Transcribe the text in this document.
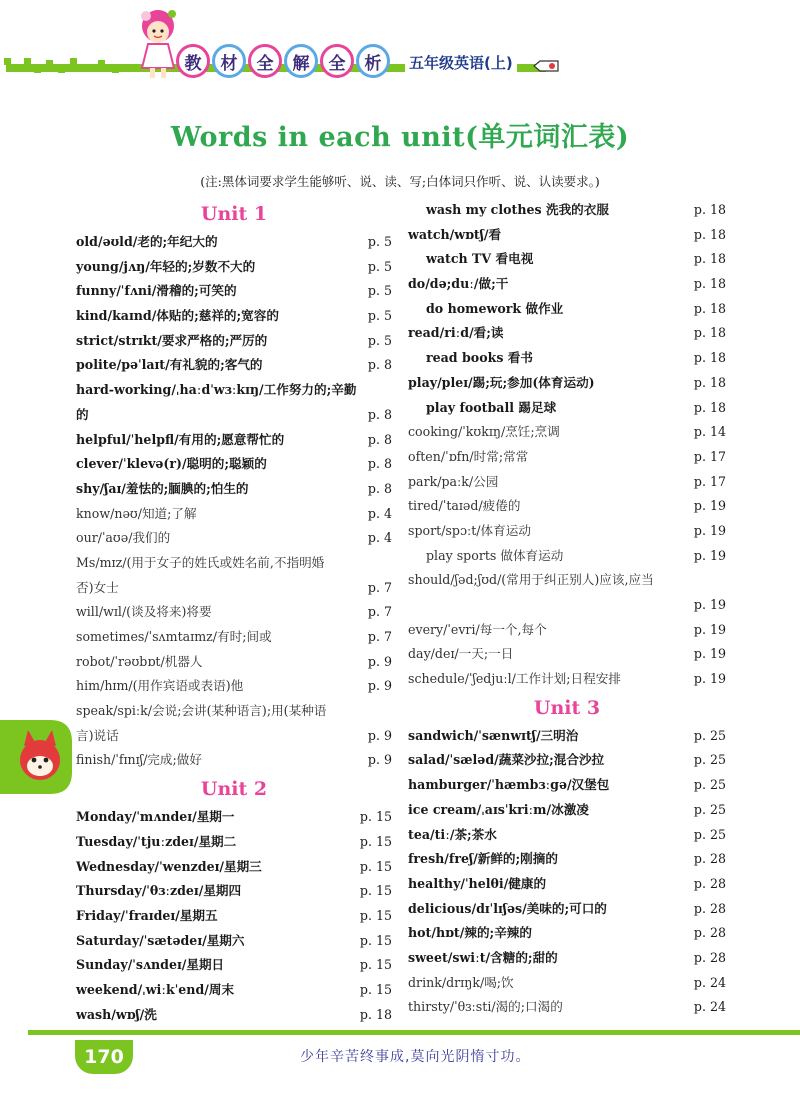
教	材	全	解	全	析	五年级英语(上)
Words in each unit(单元词汇表)
(注:黑体词要求学生能够听、说、读、写;白体词只作听、说、认读要求。)
Unit 1
old/əʊld/老的;年纪大的	p. 5
young/jʌŋ/年轻的;岁数不大的	p. 5
funny/ˈfʌni/滑稽的;可笑的	p. 5
kind/kaɪnd/体贴的;慈祥的;宽容的	p. 5
strict/strɪkt/要求严格的;严厉的	p. 5
polite/pəˈlaɪt/有礼貌的;客气的	p. 8
hard-working/ˌhaːdˈwɜːkɪŋ/工作努力的;辛勤
的	p. 8
helpful/ˈhelpfl/有用的;愿意帮忙的	p. 8
clever/ˈklevə(r)/聪明的;聪颖的	p. 8
shy/ʃaɪ/羞怯的;腼腆的;怕生的	p. 8
know/nəʊ/知道;了解	p. 4
our/ˈaʊə/我们的	p. 4
Ms/mɪz/(用于女子的姓氏或姓名前,不指明婚
否)女士	p. 7
will/wɪl/(谈及将来)将要	p. 7
sometimes/ˈsʌmtaɪmz/有时;间或	p. 7
robot/ˈrəʊbɒt/机器人	p. 9
him/hɪm/(用作宾语或表语)他	p. 9
speak/spiːk/会说;会讲(某种语言);用(某种语
言)说话	p. 9
finish/ˈfɪnɪʃ/完成;做好	p. 9
Unit 2
Monday/ˈmʌndeɪ/星期一	p. 15
Tuesday/ˈtjuːzdeɪ/星期二	p. 15
Wednesday/ˈwenzdeɪ/星期三	p. 15
Thursday/ˈθɜːzdeɪ/星期四	p. 15
Friday/ˈfraɪdeɪ/星期五	p. 15
Saturday/ˈsætədeɪ/星期六	p. 15
Sunday/ˈsʌndeɪ/星期日	p. 15
weekend/ˌwiːkˈend/周末	p. 15
wash/wɒʃ/洗	p. 18
wash my clothes 洗我的衣服	p. 18
watch/wɒtʃ/看	p. 18
watch TV 看电视	p. 18
do/də;duː/做;干	p. 18
do homework 做作业	p. 18
read/riːd/看;读	p. 18
read books 看书	p. 18
play/pleɪ/踢;玩;参加(体育运动)	p. 18
play football 踢足球	p. 18
cooking/ˈkʊkɪŋ/烹饪;烹调	p. 14
often/ˈɒfn/时常;常常	p. 17
park/paːk/公园	p. 17
tired/ˈtaɪəd/疲倦的	p. 19
sport/spɔːt/体育运动	p. 19
play sports 做体育运动	p. 19
should/ʃəd;ʃʊd/(常用于纠正别人)应该,应当
p. 19
every/ˈevri/每一个,每个	p. 19
day/deɪ/一天;一日	p. 19
schedule/ˈʃedjuːl/工作计划;日程安排	p. 19
Unit 3
sandwich/ˈsænwɪtʃ/三明治	p. 25
salad/ˈsæləd/蔬菜沙拉;混合沙拉	p. 25
hamburger/ˈhæmbɜːgə/汉堡包	p. 25
ice cream/ˌaɪsˈkriːm/冰激凌	p. 25
tea/tiː/茶;茶水	p. 25
fresh/freʃ/新鲜的;刚摘的	p. 28
healthy/ˈhelθi/健康的	p. 28
delicious/dɪˈlɪʃəs/美味的;可口的	p. 28
hot/hɒt/辣的;辛辣的	p. 28
sweet/swiːt/含糖的;甜的	p. 28
drink/drɪŋk/喝;饮	p. 24
thirsty/ˈθɜːsti/渴的;口渴的	p. 24
170	少年辛苦终事成,莫向光阴惰寸功。
